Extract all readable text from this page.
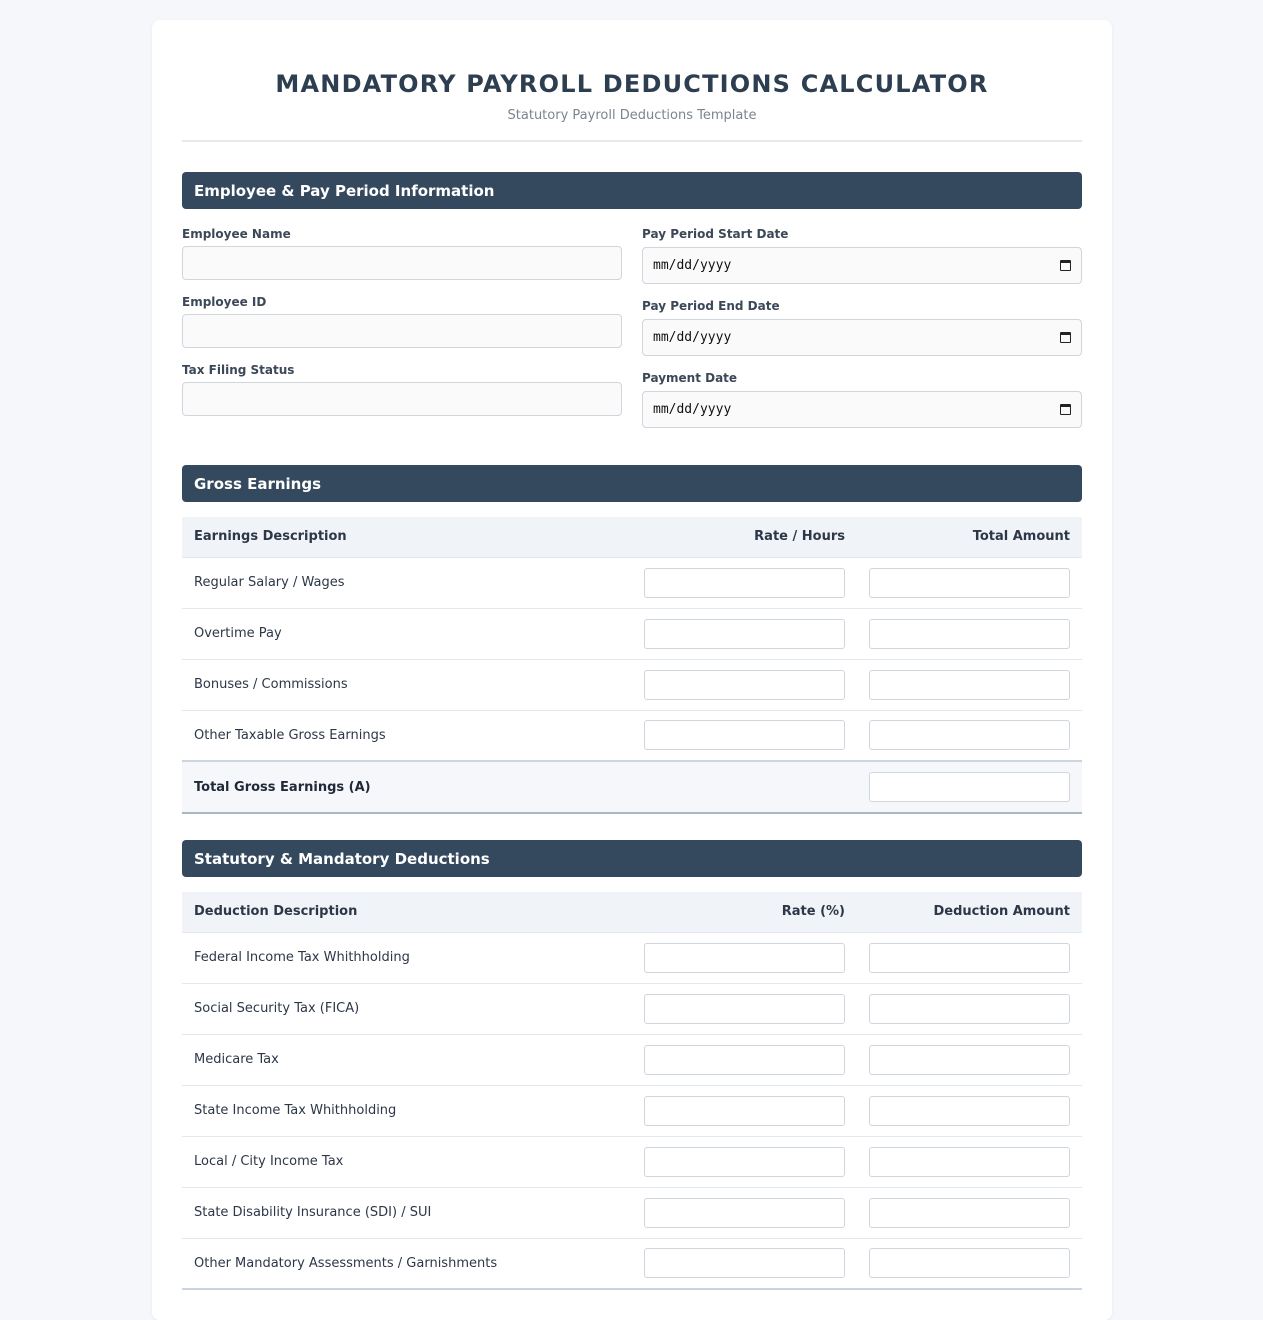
MANDATORY PAYROLL DEDUCTIONS CALCULATOR
Statutory Payroll Deductions Template
Employee & Pay Period Information
Employee Name
Employee ID
Tax Filing Status
Pay Period Start Date
mm/dd/yyyy
Pay Period End Date
mm/dd/yyyy
Payment Date
mm/dd/yyyy
Gross Earnings
Earnings Description	Rate / Hours	Total Amount
Regular Salary / Wages	

Overtime Pay	

Bonuses / Commissions	

Other Taxable Gross Earnings	

Total Gross Earnings (A)		
Statutory & Mandatory Deductions
Deduction Description	Rate (%)	Deduction Amount
Federal Income Tax Whithholding	

Social Security Tax (FICA)	

Medicare Tax	

State Income Tax Whithholding	

Local / City Income Tax	

State Disability Insurance (SDI) / SUI	

Other Mandatory Assessments / Garnishments	
